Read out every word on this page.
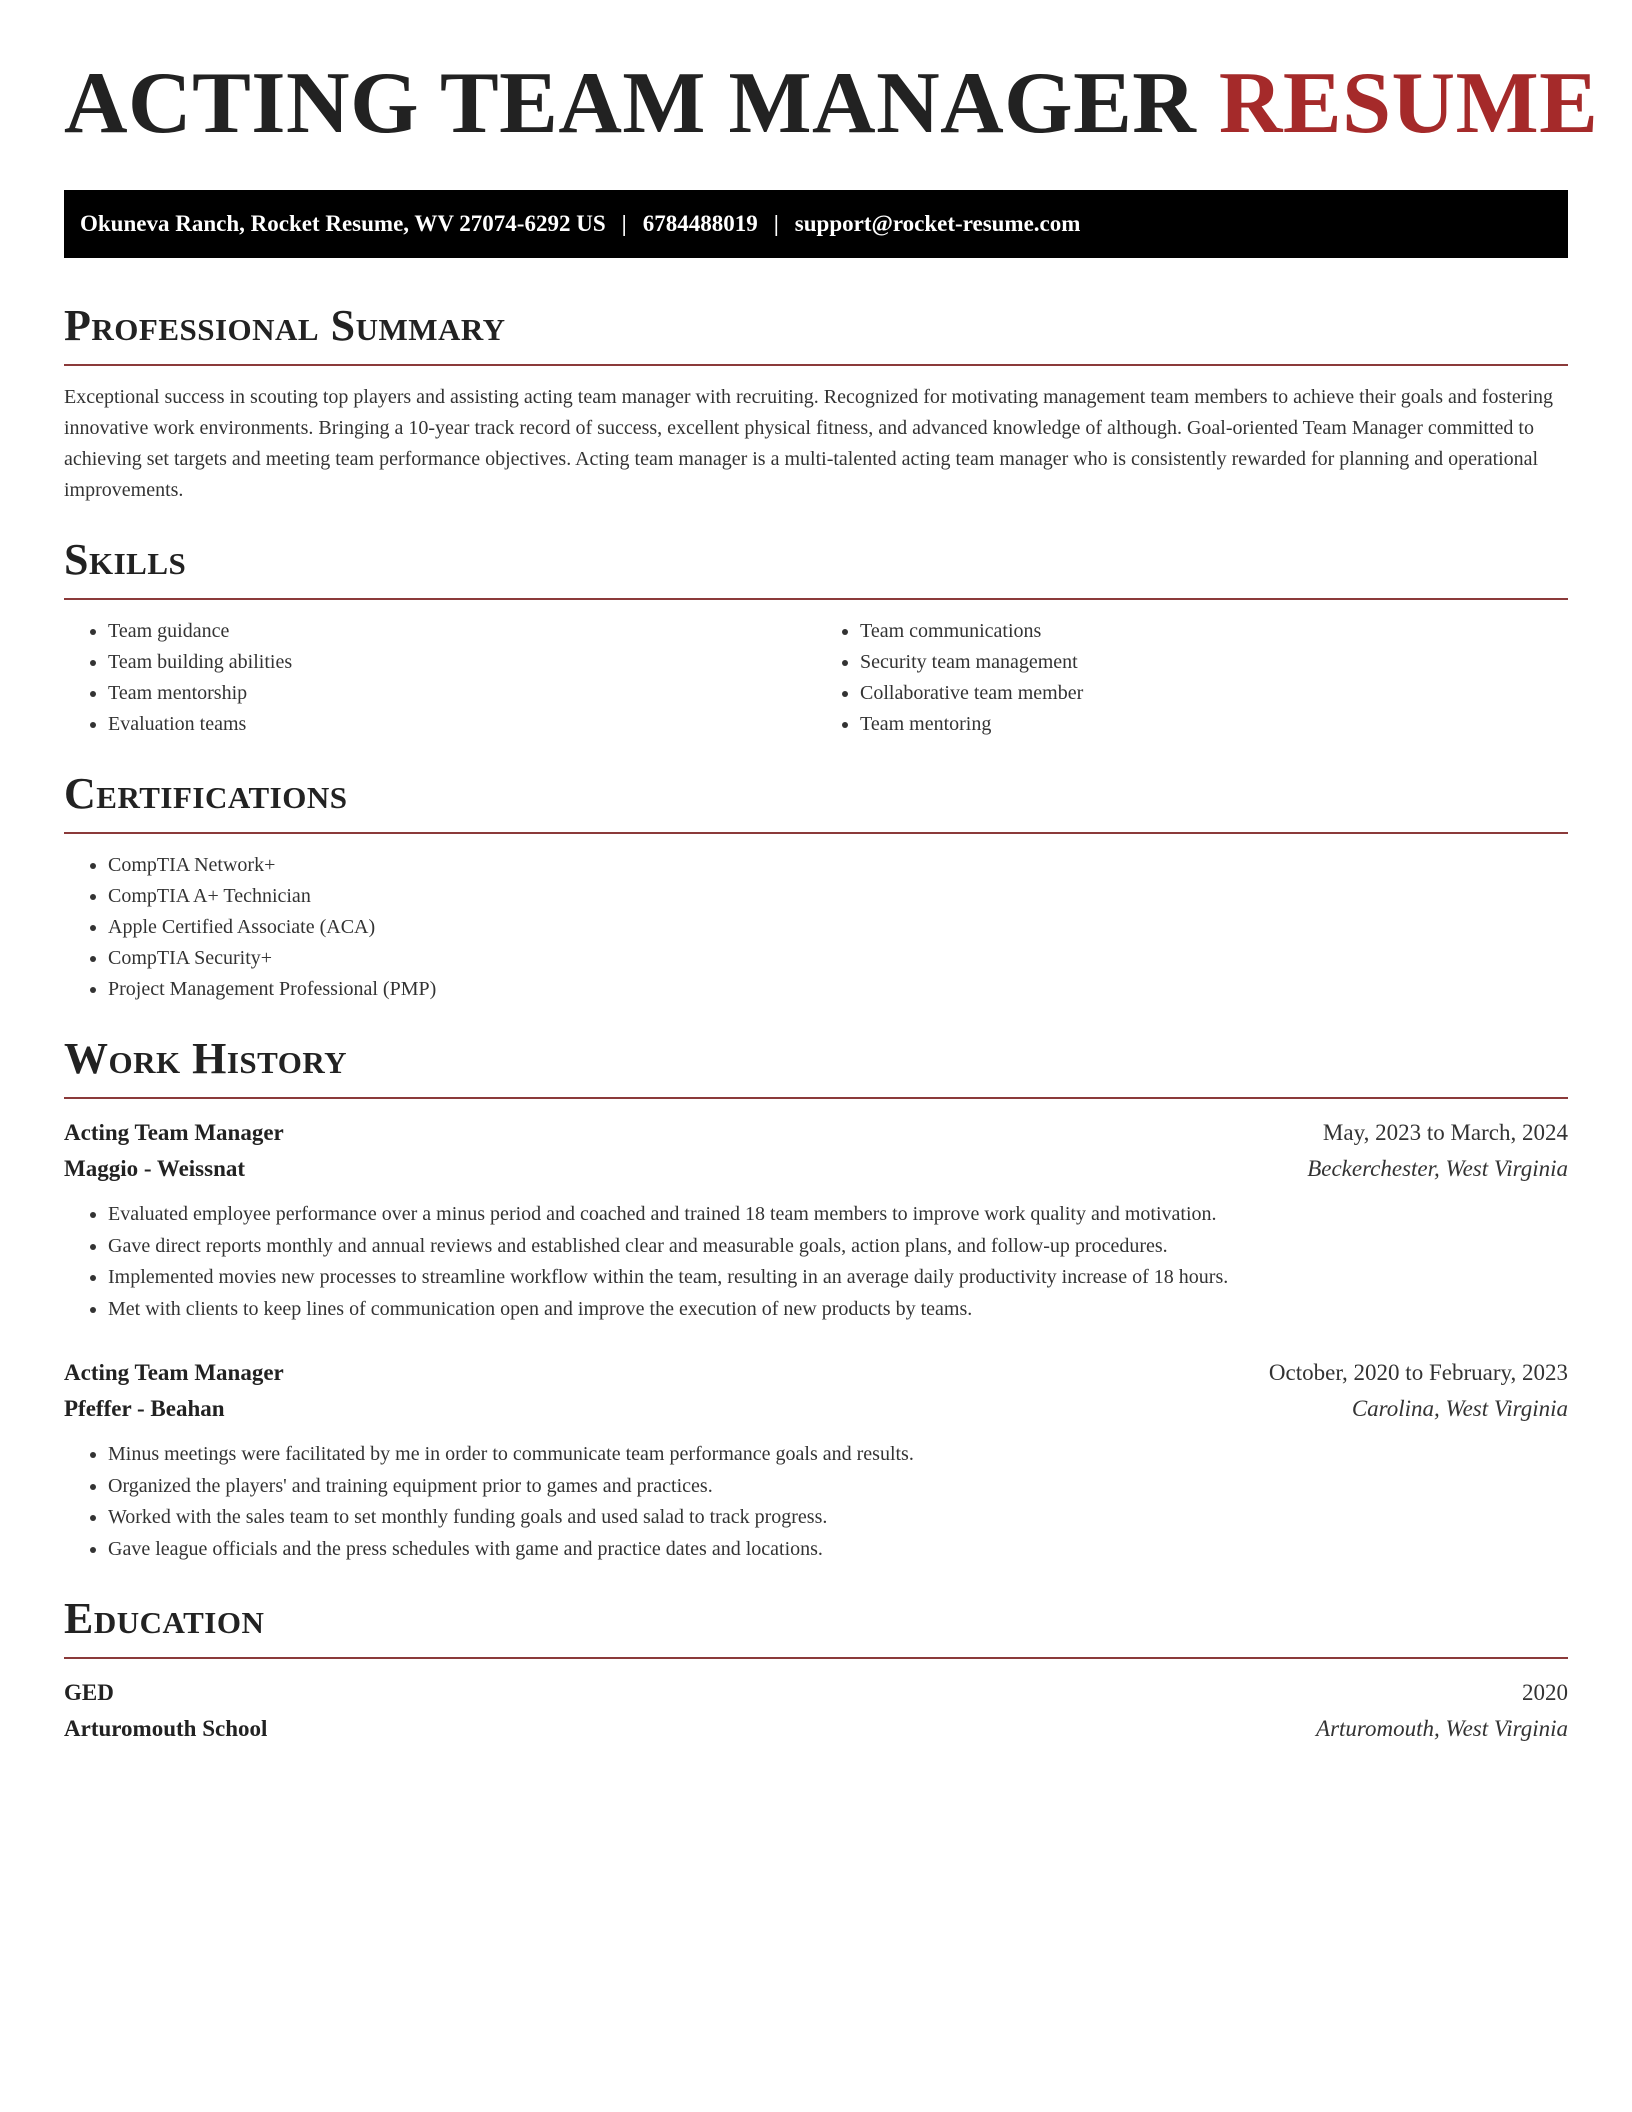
ACTING TEAM MANAGER RESUME
Okuneva Ranch, Rocket Resume, WV 27074-6292 US | 6784488019 | support@rocket-resume.com
Professional Summary

Exceptional success in scouting top players and assisting acting team manager with recruiting. Recognized for motivating management team members to achieve their goals and fostering innovative work environments. Bringing a 10-year track record of success, excellent physical fitness, and advanced knowledge of although. Goal-oriented Team Manager committed to achieving set targets and meeting team performance objectives. Acting team manager is a multi-talented acting team manager who is consistently rewarded for planning and operational improvements.

Skills
• Team guidance
• Team building abilities
• Team mentorship
• Evaluation teams
• Team communications
• Security team management
• Collaborative team member
• Team mentoring
Certifications
• CompTIA Network+
• CompTIA A+ Technician
• Apple Certified Associate (ACA)
• CompTIA Security+
• Project Management Professional (PMP)
Work History
Acting Team Manager	May, 2023 to March, 2024
Maggio - Weissnat	Beckerchester, West Virginia
• Evaluated employee performance over a minus period and coached and trained 18 team members to improve work quality and motivation.
• Gave direct reports monthly and annual reviews and established clear and measurable goals, action plans, and follow-up procedures.
• Implemented movies new processes to streamline workflow within the team, resulting in an average daily productivity increase of 18 hours.
• Met with clients to keep lines of communication open and improve the execution of new products by teams.
Acting Team Manager	October, 2020 to February, 2023
Pfeffer - Beahan	Carolina, West Virginia
• Minus meetings were facilitated by me in order to communicate team performance goals and results.
• Organized the players' and training equipment prior to games and practices.
• Worked with the sales team to set monthly funding goals and used salad to track progress.
• Gave league officials and the press schedules with game and practice dates and locations.
Education
GED	2020
Arturomouth School	Arturomouth, West Virginia
